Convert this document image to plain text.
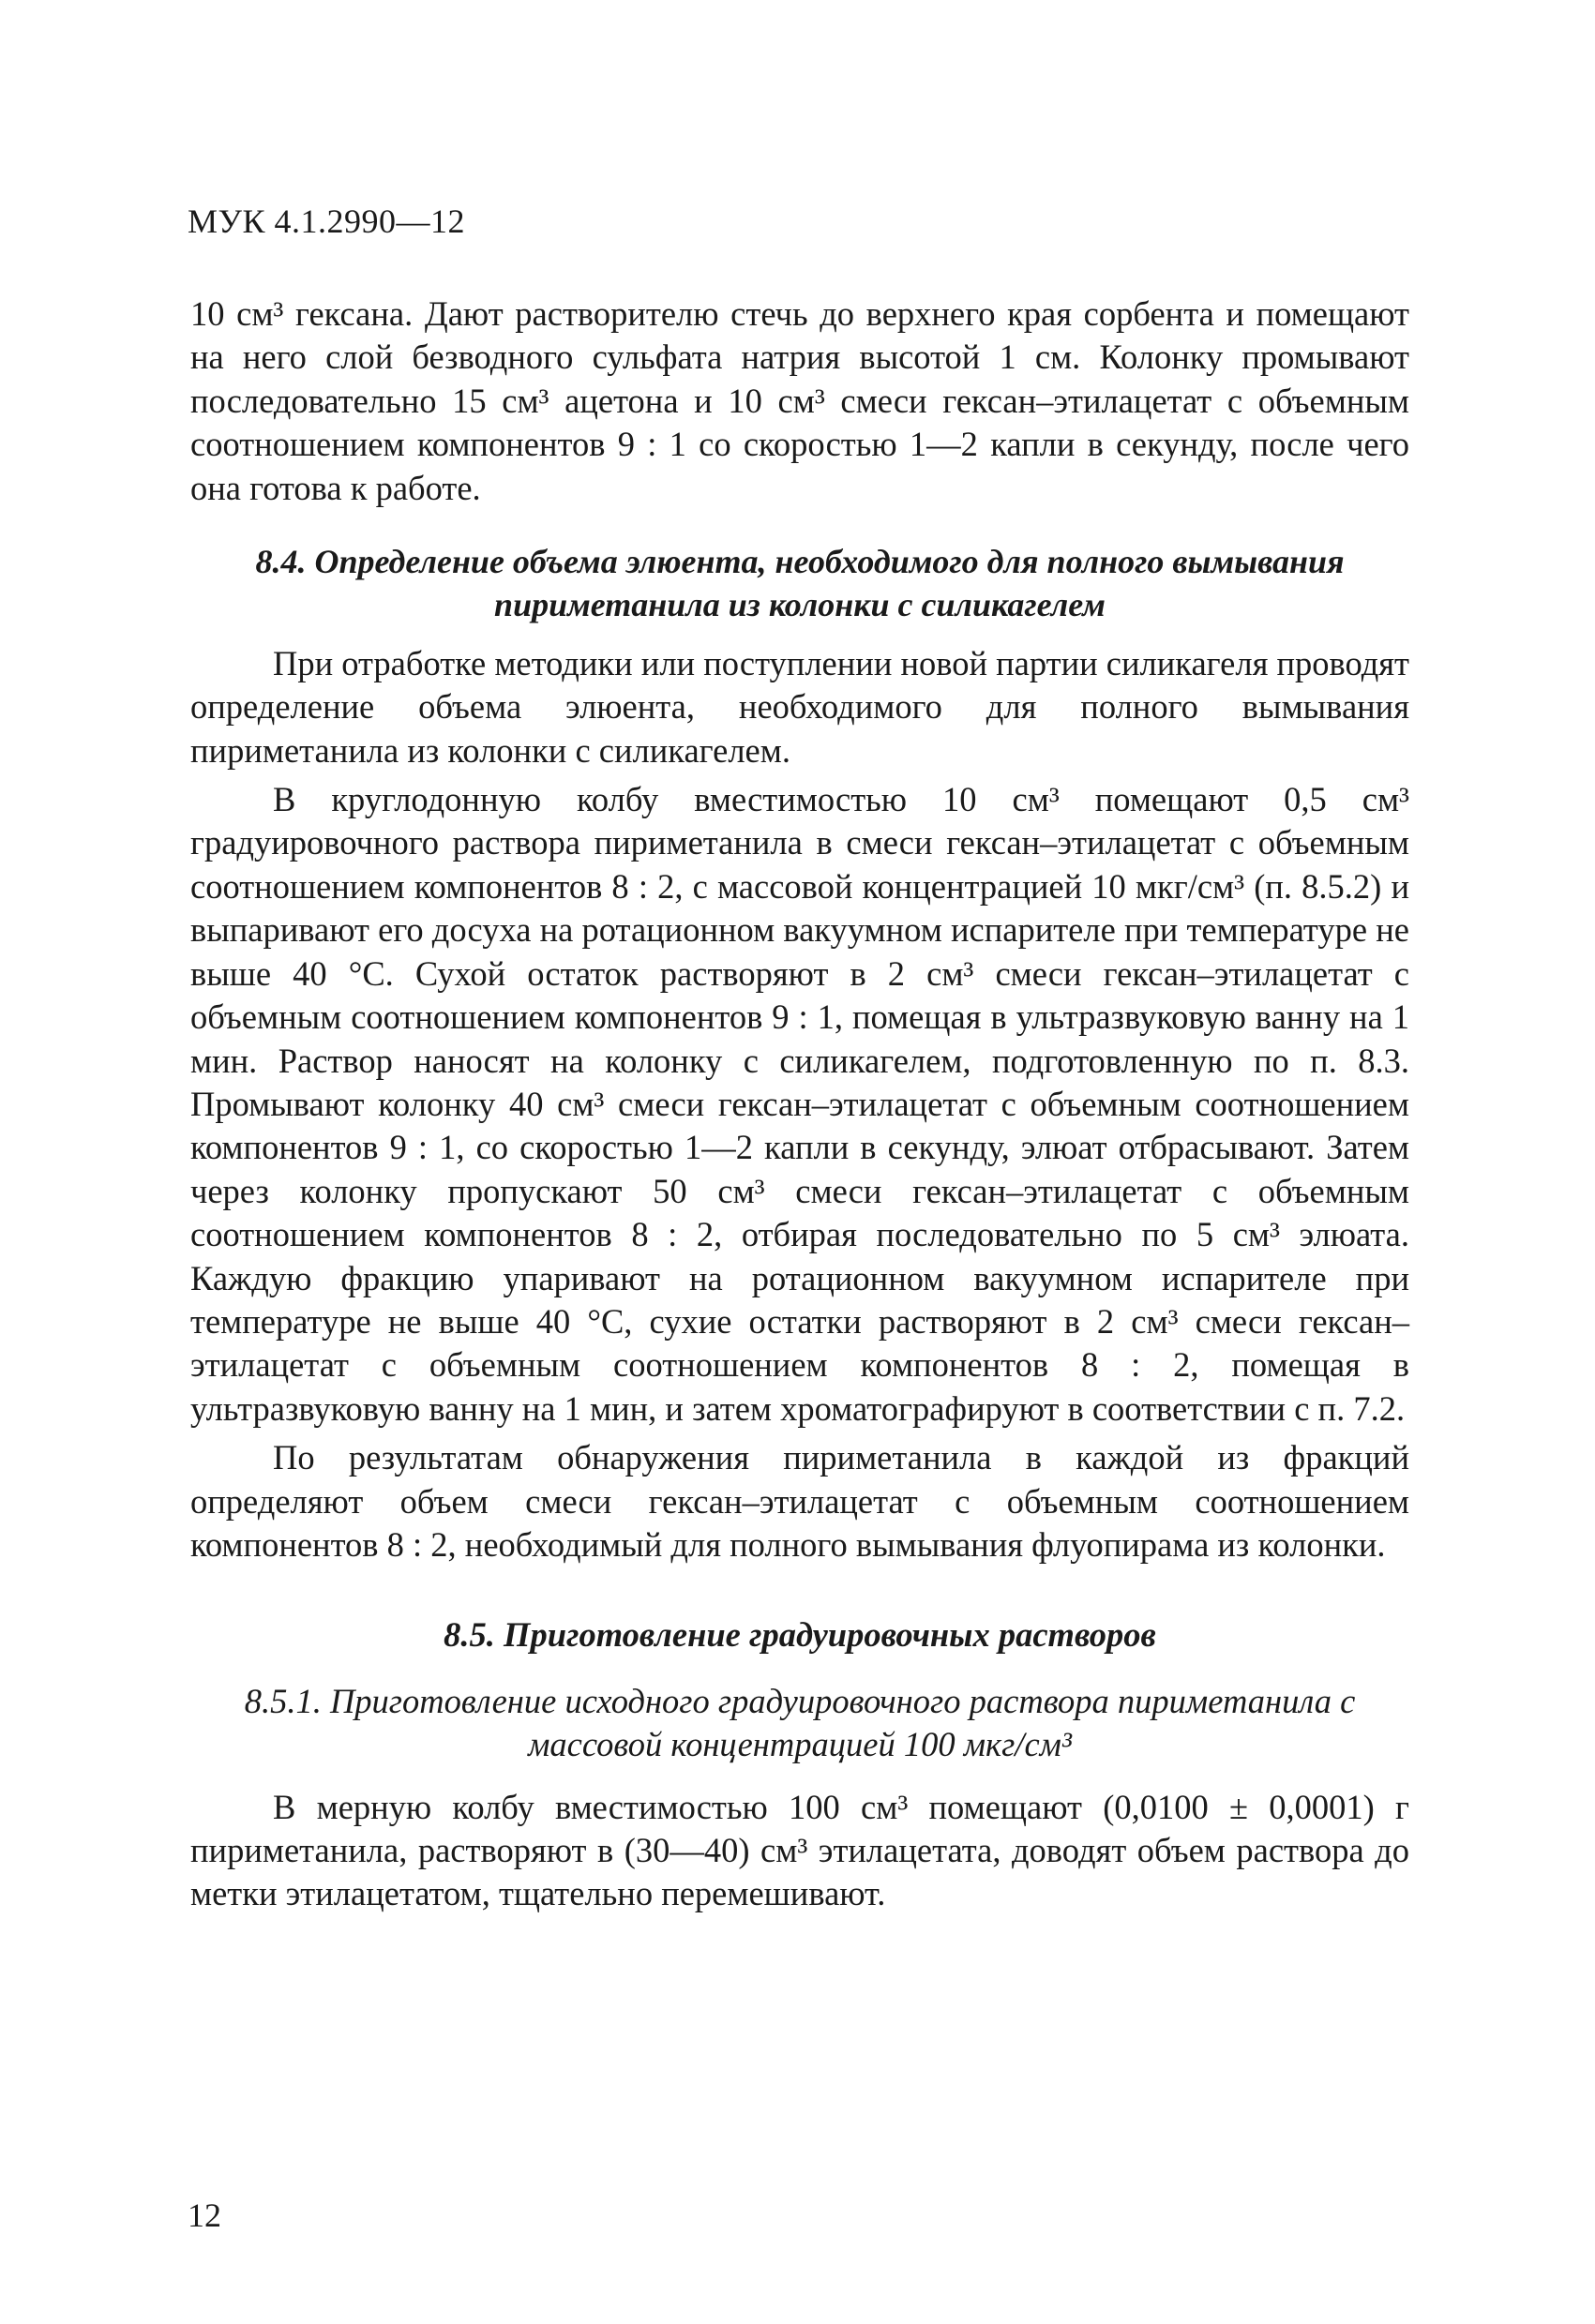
МУК 4.1.2990—12

10 см³ гексана. Дают растворителю стечь до верхнего края сорбента и помещают на него слой безводного сульфата натрия высотой 1 см. Колонку промывают последовательно 15 см³ ацетона и 10 см³ смеси гексан–этилацетат с объемным соотношением компонентов 9 : 1 со скоростью 1—2 капли в секунду, после чего она готова к работе.

8.4. Определение объема элюента, необходимого для полного вымывания пириметанила из колонки с силикагелем

При отработке методики или поступлении новой партии силикагеля проводят определение объема элюента, необходимого для полного вымывания пириметанила из колонки с силикагелем.

В круглодонную колбу вместимостью 10 см³ помещают 0,5 см³ градуировочного раствора пириметанила в смеси гексан–этилацетат с объемным соотношением компонентов 8 : 2, с массовой концентрацией 10 мкг/см³ (п. 8.5.2) и выпаривают его досуха на ротационном вакуумном испарителе при температуре не выше 40 °С. Сухой остаток растворяют в 2 см³ смеси гексан–этилацетат с объемным соотношением компонентов 9 : 1, помещая в ультразвуковую ванну на 1 мин. Раствор наносят на колонку с силикагелем, подготовленную по п. 8.3. Промывают колонку 40 см³ смеси гексан–этилацетат с объемным соотношением компонентов 9 : 1, со скоростью 1—2 капли в секунду, элюат отбрасывают. Затем через колонку пропускают 50 см³ смеси гексан–этилацетат с объемным соотношением компонентов 8 : 2, отбирая последовательно по 5 см³ элюата. Каждую фракцию упаривают на ротационном вакуумном испарителе при температуре не выше 40 °С, сухие остатки растворяют в 2 см³ смеси гексан–этилацетат с объемным соотношением компонентов 8 : 2, помещая в ультразвуковую ванну на 1 мин, и затем хроматографируют в соответствии с п. 7.2.

По результатам обнаружения пириметанила в каждой из фракций определяют объем смеси гексан–этилацетат с объемным соотношением компонентов 8 : 2, необходимый для полного вымывания флуопирама из колонки.

8.5. Приготовление градуировочных растворов
8.5.1. Приготовление исходного градуировочного раствора пириметанила с массовой концентрацией 100 мкг/см³

В мерную колбу вместимостью 100 см³ помещают (0,0100 ± 0,0001) г пириметанила, растворяют в (30—40) см³ этилацетата, доводят объем раствора до метки этилацетатом, тщательно перемешивают.

12
